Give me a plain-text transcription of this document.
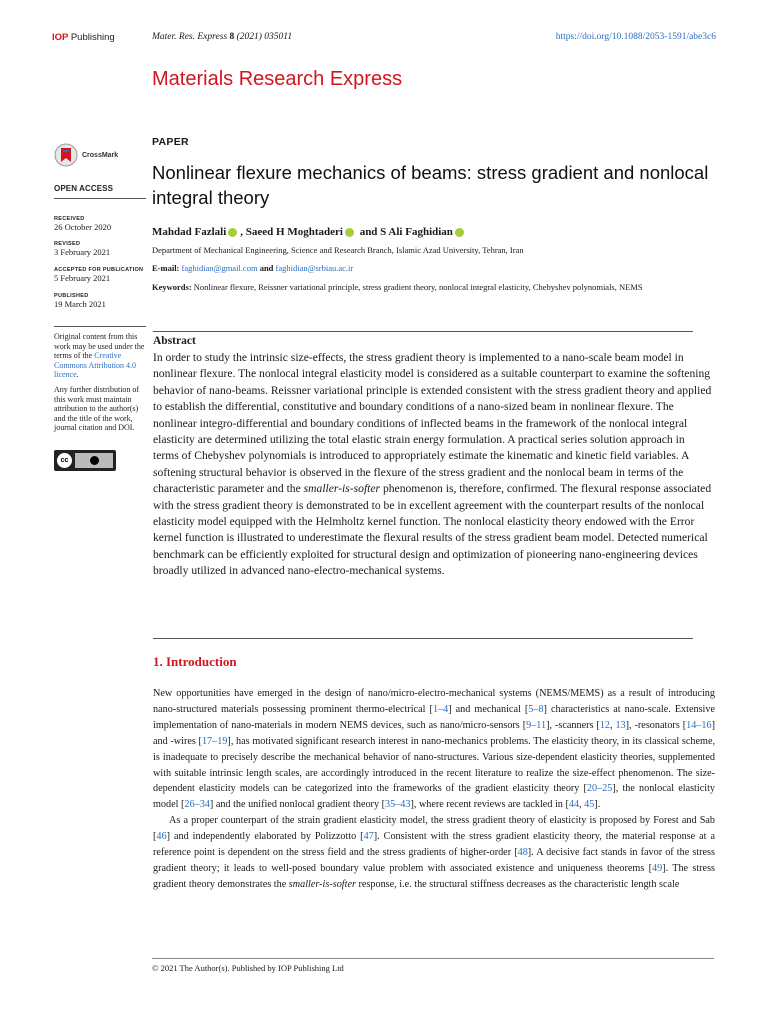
IOP Publishing	Mater. Res. Express 8 (2021) 035011	https://doi.org/10.1088/2053-1591/abe3c6
Materials Research Express
CrossMark
OPEN ACCESS
RECEIVED
26 October 2020
REVISED
3 February 2021
ACCEPTED FOR PUBLICATION
5 February 2021
PUBLISHED
19 March 2021

Original content from this work may be used under the terms of the Creative Commons Attribution 4.0 licence.

Any further distribution of this work must maintain attribution to the author(s) and the title of the work, journal citation and DOI.

cc
PAPER
Nonlinear flexure mechanics of beams: stress gradient and nonlocal integral theory
Mahdad Fazlali , Saeed H Moghtaderi
and S Ali Faghidian
Department of Mechanical Engineering, Science and Research Branch, Islamic Azad University, Tehran, Iran
E-mail: faghidian@gmail.com and faghidian@srbiau.ac.ir
Keywords: Nonlinear flexure, Reissner variational principle, stress gradient theory, nonlocal integral elasticity, Chebyshev polynomials, NEMS
Abstract
In order to study the intrinsic size-effects, the stress gradient theory is implemented to a nano-scale beam model in nonlinear flexure. The nonlocal integral elasticity model is considered as a suitable counterpart to examine the softening behavior of nano-beams. Reissner variational principle is extended consistent with the stress gradient theory and applied to establish the differential, constitutive and boundary conditions of a nano-sized beam in nonlinear flexure. The nonlinear integro-differential and boundary conditions of inflected beams in the framework of the nonlocal integral elasticity are determined utilizing the total elastic strain energy formulation. A practical series solution approach in terms of Chebyshev polynomials is introduced to appropriately estimate the kinematic and kinetic field variables. A softening structural behavior is observed in the flexure of the stress gradient and the nonlocal beam in terms of the characteristic parameter and the smaller-is-softer phenomenon is, therefore, confirmed. The flexural response associated with the stress gradient theory is demonstrated to be in excellent agreement with the counterpart results of the nonlocal elasticity model equipped with the Helmholtz kernel function. The nonlocal elasticity theory endowed with the Error kernel function is illustrated to underestimate the flexural results of the stress gradient beam model. Detected numerical benchmark can be efficiently exploited for structural design and optimization of pioneering nano-engineering devices broadly utilized in advanced nano-electro-mechanical systems.
1. Introduction

New opportunities have emerged in the design of nano/micro-electro-mechanical systems (NEMS/MEMS) as a result of introducing nano-structured materials possessing prominent thermo-electrical [1–4] and mechanical [5–8] characteristics at nano-scale. Extensive implementation of nano-materials in modern NEMS devices, such as nano/micro-sensors [9–11], -scanners [12, 13], -resonators [14–16] and -wires [17–19], has motivated significant research interest in nano-mechanics problems. The elasticity theory, in its classical scheme, is inadequate to precisely describe the mechanical behavior of nano-structures. Various size-dependent elasticity theories, supplemented with suitable intrinsic length scales, are accordingly introduced in the recent literature to realize the size-effect phenomenon. The size-dependent elasticity models can be categorized into the frameworks of the gradient elasticity theory [20–25], the nonlocal elasticity model [26–34] and the unified nonlocal gradient theory [35–43], where recent reviews are tackled in [44, 45].

As a proper counterpart of the strain gradient elasticity model, the stress gradient theory of elasticity is proposed by Forest and Sab [46] and independently elaborated by Polizzotto [47]. Consistent with the stress gradient elasticity theory, the material response at a reference point is dependent on the stress field and the stress gradients of higher-order [48]. A decisive fact stands in favor of the stress gradient theory; it leads to well-posed boundary value problem with associated existence and uniqueness theorems [49]. The stress gradient theory demonstrates the smaller-is-softer response, i.e. the structural stiffness decreases as the characteristic length scale

© 2021 The Author(s). Published by IOP Publishing Ltd
